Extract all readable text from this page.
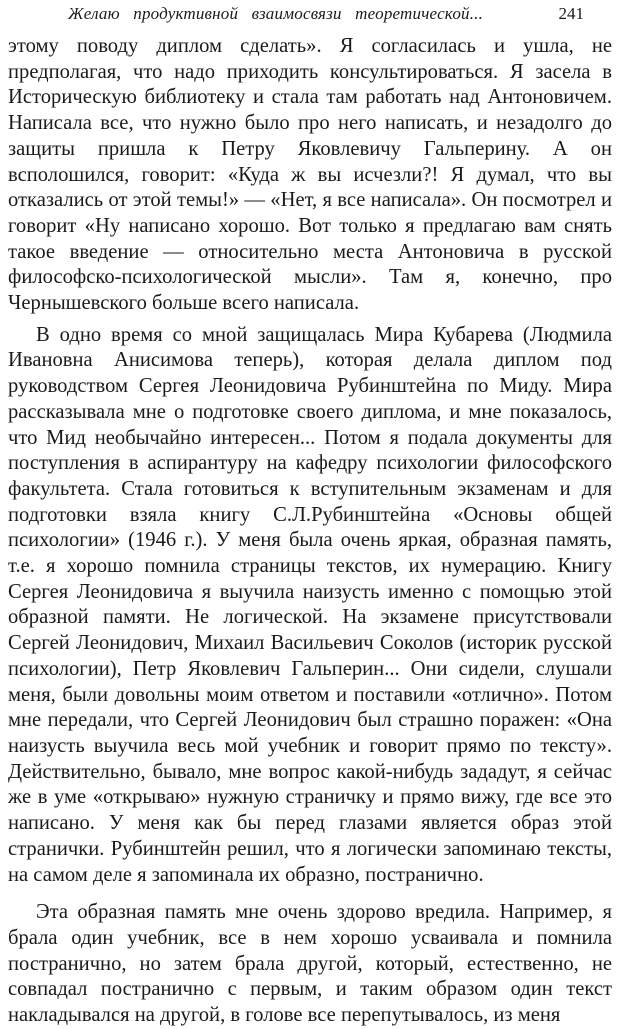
Желаю продуктивной взаимосвязи теоретической...	241

этому поводу диплом сделать». Я согласилась и ушла, не предполагая, что надо приходить консультироваться. Я засела в Историческую библиотеку и стала там работать над Антоновичем. Написала все, что нужно было про него написать, и незадолго до защиты пришла к Петру Яковлевичу Гальперину. А он всполошился, говорит: «Куда ж вы исчезли?! Я думал, что вы отказались от этой темы!» — «Нет, я все написала». Он посмотрел и говорит «Ну написано хорошо. Вот только я предлагаю вам снять такое введение — относительно места Антоновича в русской философско-психологической мысли». Там я, конечно, про Чернышевского больше всего написала.

В одно время со мной защищалась Мира Кубарева (Людмила Ивановна Анисимова теперь), которая делала диплом под руководством Сергея Леонидовича Рубинштейна по Миду. Мира рассказывала мне о подготовке своего диплома, и мне показалось, что Мид необычайно интересен... Потом я подала документы для поступления в аспирантуру на кафедру психологии философского факультета. Стала готовиться к вступительным экзаменам и для подготовки взяла книгу С.Л.Рубинштейна «Основы общей психологии» (1946 г.). У меня была очень яркая, образная память, т.е. я хорошо помнила страницы текстов, их нумерацию. Книгу Сергея Леонидовича я выучила наизусть именно с помощью этой образной памяти. Не логической. На экзамене присутствовали Сергей Леонидович, Михаил Васильевич Соколов (историк русской психологии), Петр Яковлевич Гальперин... Они сидели, слушали меня, были довольны моим ответом и поставили «отлично». Потом мне передали, что Сергей Леонидович был страшно поражен: «Она наизусть выучила весь мой учебник и говорит прямо по тексту». Действительно, бывало, мне вопрос какой-нибудь зададут, я сейчас же в уме «открываю» нужную страничку и прямо вижу, где все это написано. У меня как бы перед глазами является образ этой странички. Рубинштейн решил, что я логически запоминаю тексты, на самом деле я запоминала их образно, постранично.

Эта образная память мне очень здорово вредила. Например, я брала один учебник, все в нем хорошо усваивала и помнила постранично, но затем брала другой, который, естественно, не совпадал постранично с первым, и таким образом один текст накладывался на другой, в голове все перепутывалось, из меня
